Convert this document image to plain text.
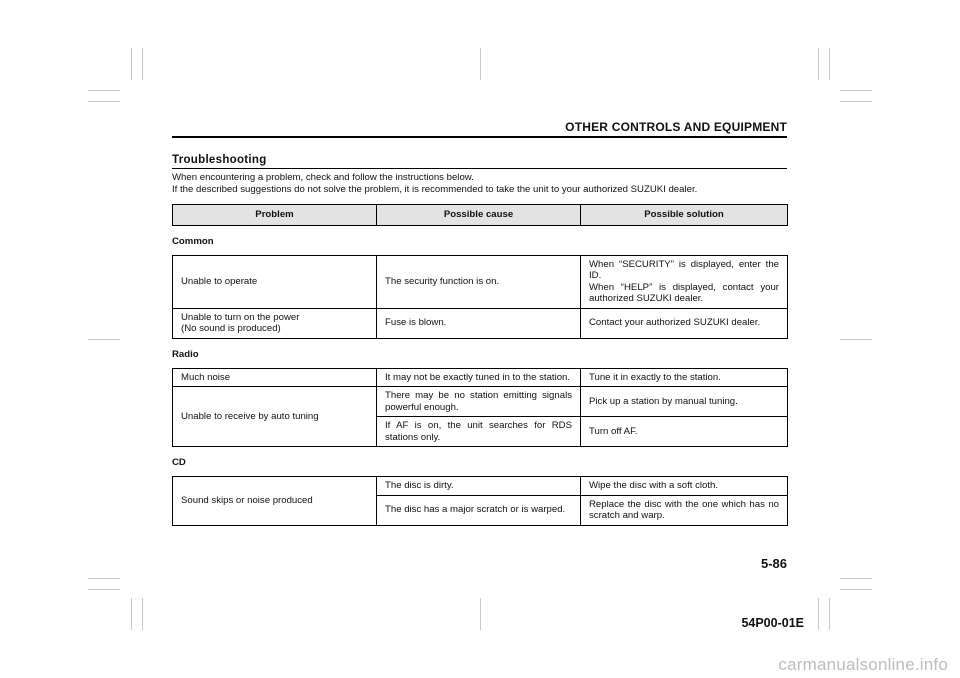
OTHER CONTROLS AND EQUIPMENT
Troubleshooting

When encountering a problem, check and follow the instructions below.

If the described suggestions do not solve the problem, it is recommended to take the unit to your authorized SUZUKI dealer.

Problem	Possible cause	Possible solution
Common
Unable to operate	The security function is on.	When “SECURITY” is displayed, enter the ID.
When “HELP” is displayed, contact your authorized SUZUKI dealer.

Unable to turn on the power
(No sound is produced)	Fuse is blown.	Contact your authorized SUZUKI dealer.
Radio
Much noise	It may not be exactly tuned in to the station.	Tune it in exactly to the station.
Unable to receive by auto tuning	There may be no station emitting signals powerful enough.	Pick up a station by manual tuning.
	If AF is on, the unit searches for RDS stations only.	Turn off AF.
CD
Sound skips or noise produced	The disc is dirty.	Wipe the disc with a soft cloth.
	The disc has a major scratch or is warped.	Replace the disc with the one which has no scratch and warp.
5-86
54P00-01E
carmanualsonline.info
